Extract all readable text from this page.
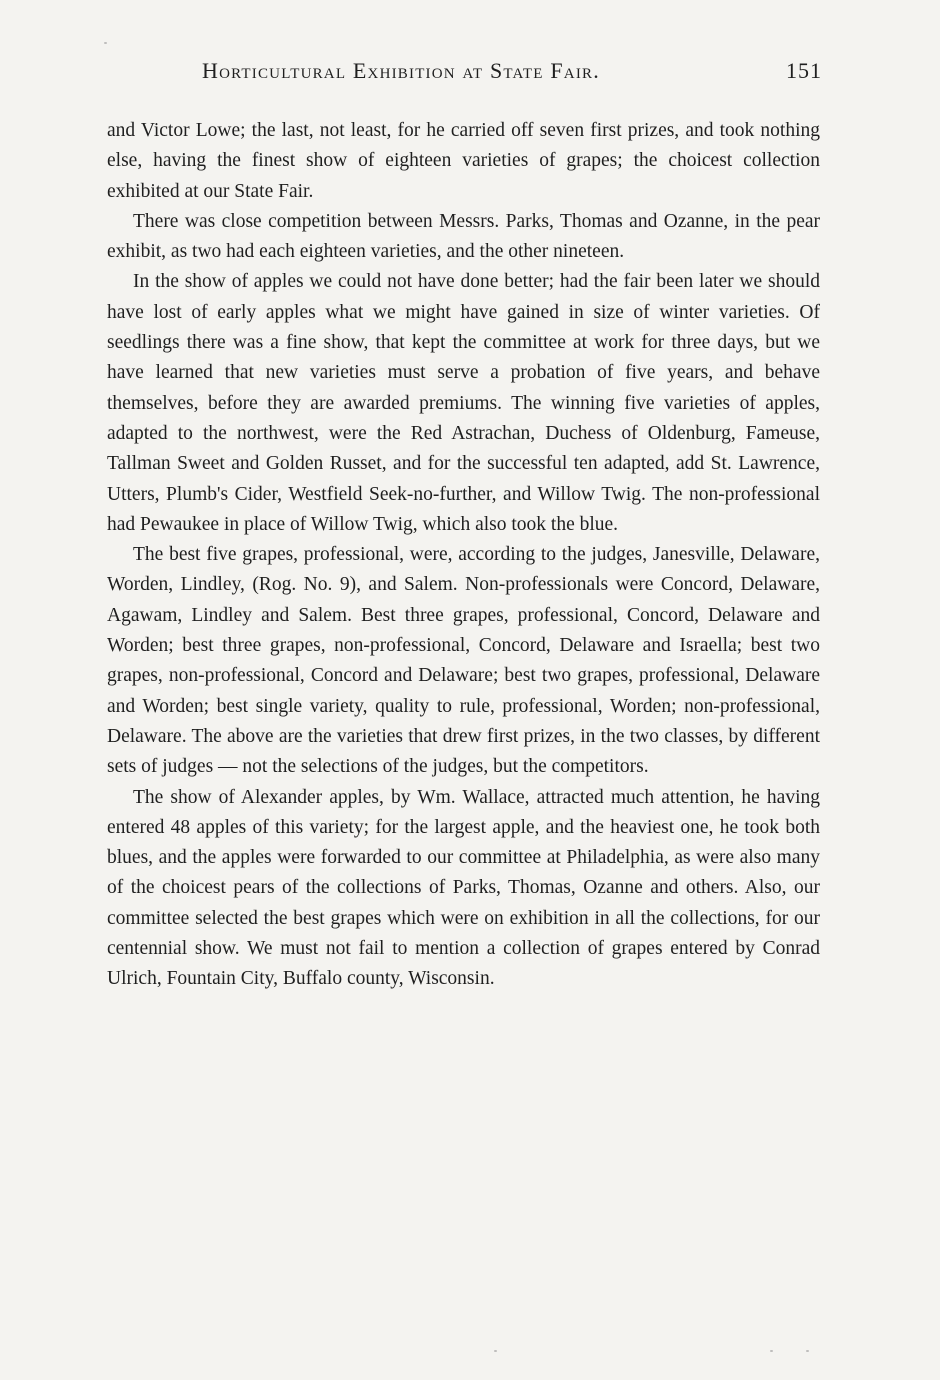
Horticultural Exhibition at State Fair.	151

and Victor Lowe; the last, not least, for he carried off seven first prizes, and took nothing else, having the finest show of eighteen varieties of grapes; the choicest collection exhibited at our State Fair.

There was close competition between Messrs. Parks, Thomas and Ozanne, in the pear exhibit, as two had each eighteen varieties, and the other nineteen.

In the show of apples we could not have done better; had the fair been later we should have lost of early apples what we might have gained in size of winter varieties. Of seedlings there was a fine show, that kept the committee at work for three days, but we have learned that new varieties must serve a probation of five years, and behave themselves, before they are awarded premiums. The winning five varieties of apples, adapted to the northwest, were the Red Astrachan, Duchess of Oldenburg, Fameuse, Tallman Sweet and Golden Russet, and for the successful ten adapted, add St. Lawrence, Utters, Plumb's Cider, Westfield Seek-no-further, and Willow Twig. The non-professional had Pewaukee in place of Willow Twig, which also took the blue.

The best five grapes, professional, were, according to the judges, Janesville, Delaware, Worden, Lindley, (Rog. No. 9), and Salem. Non-professionals were Concord, Delaware, Agawam, Lindley and Salem. Best three grapes, professional, Concord, Delaware and Worden; best three grapes, non-professional, Concord, Delaware and Israella; best two grapes, non-professional, Concord and Delaware; best two grapes, professional, Delaware and Worden; best single variety, quality to rule, professional, Worden; non-professional, Delaware. The above are the varieties that drew first prizes, in the two classes, by different sets of judges — not the selections of the judges, but the competitors.

The show of Alexander apples, by Wm. Wallace, attracted much attention, he having entered 48 apples of this variety; for the largest apple, and the heaviest one, he took both blues, and the apples were forwarded to our committee at Philadelphia, as were also many of the choicest pears of the collections of Parks, Thomas, Ozanne and others. Also, our committee selected the best grapes which were on exhibition in all the collections, for our centennial show. We must not fail to mention a collection of grapes entered by Conrad Ulrich, Fountain City, Buffalo county, Wisconsin.
